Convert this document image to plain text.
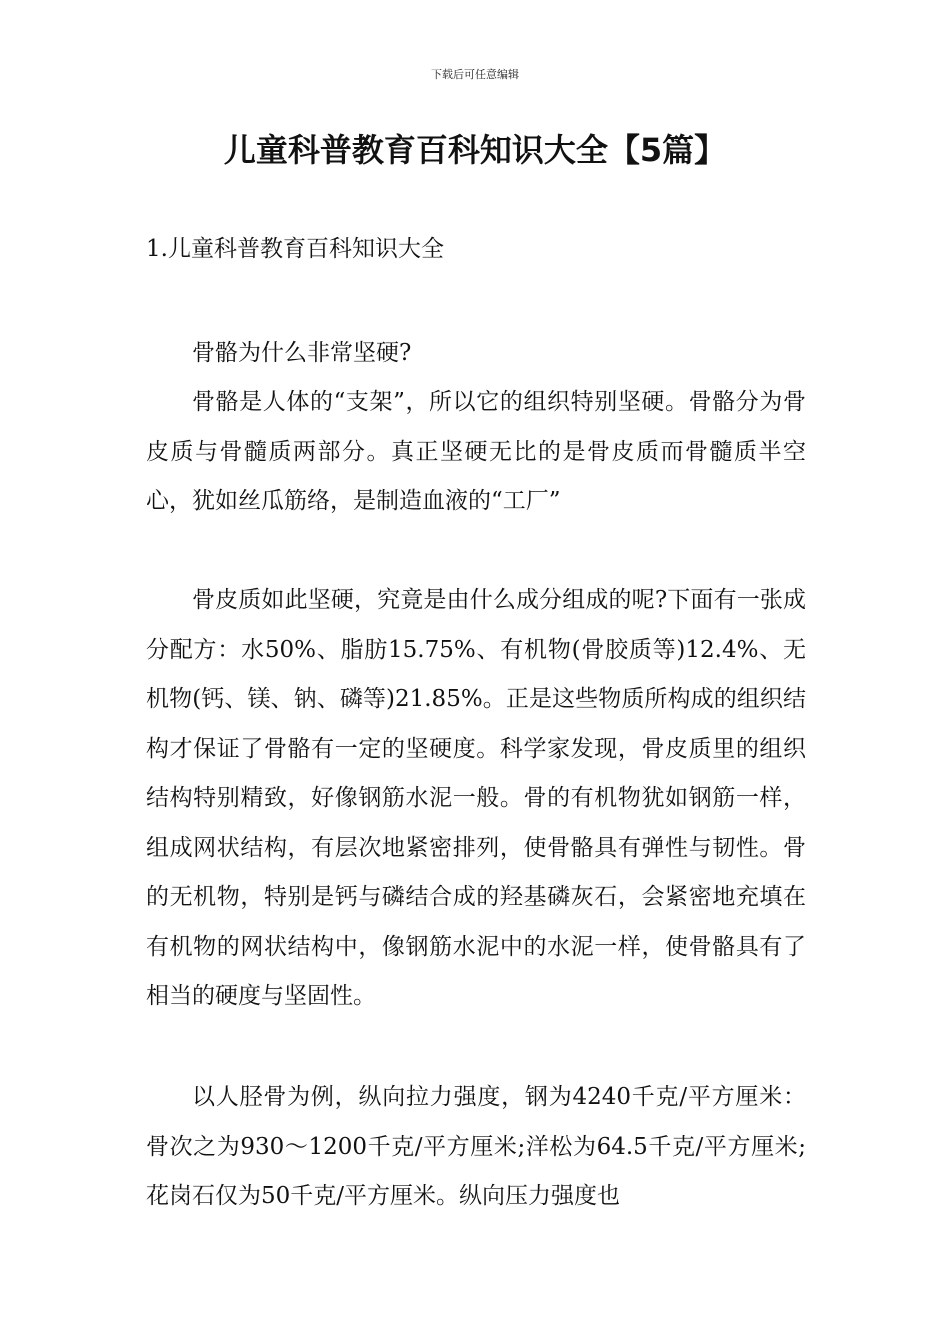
下载后可任意编辑
儿童科普教育百科知识大全【5篇】

1.儿童科普教育百科知识大全

骨骼为什么非常坚硬?

骨骼是人体的“支架”，所以它的组织特别坚硬。骨骼分为骨皮质与骨髓质两部分。真正坚硬无比的是骨皮质而骨髓质半空心，犹如丝瓜筋络，是制造血液的“工厂”

骨皮质如此坚硬，究竟是由什么成分组成的呢?下面有一张成分配方：水50%、脂肪15.75%、有机物(骨胶质等)12.4%、无机物(钙、镁、钠、磷等)21.85%。正是这些物质所构成的组织结构才保证了骨骼有一定的坚硬度。科学家发现，骨皮质里的组织结构特别精致，好像钢筋水泥一般。骨的有机物犹如钢筋一样，组成网状结构，有层次地紧密排列，使骨骼具有弹性与韧性。骨的无机物，特别是钙与磷结合成的羟基磷灰石，会紧密地充填在有机物的网状结构中，像钢筋水泥中的水泥一样，使骨骼具有了相当的硬度与坚固性。

以人胫骨为例，纵向拉力强度，钢为4240千克/平方厘米：骨次之为930～1200千克/平方厘米;洋松为64.5千克/平方厘米;花岗石仅为50千克/平方厘米。纵向压力强度也
